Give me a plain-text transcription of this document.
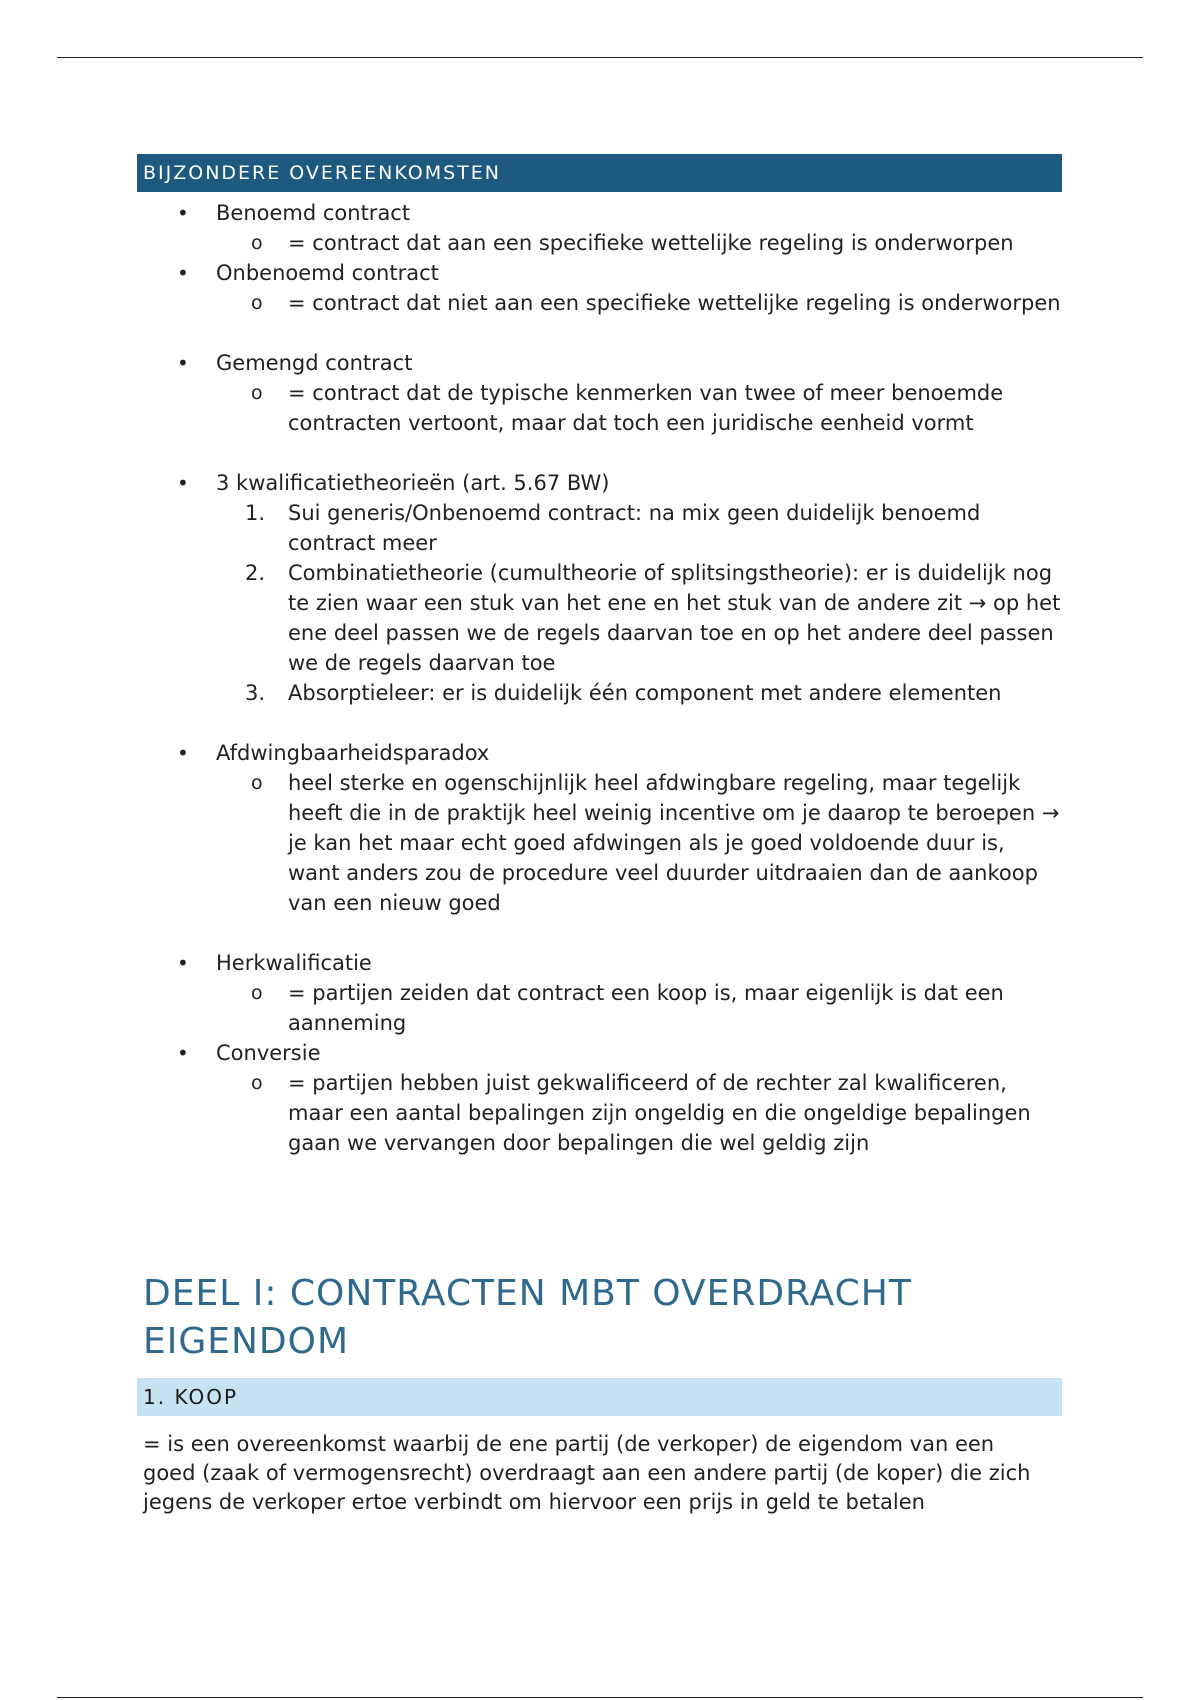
BIJZONDERE OVEREENKOMSTEN
• Benoemd contract
o = contract dat aan een specifieke wettelijke regeling is onderworpen
• Onbenoemd contract
o = contract dat niet aan een specifieke wettelijke regeling is onderworpen
• Gemengd contract
o = contract dat de typische kenmerken van twee of meer benoemde contracten vertoont, maar dat toch een juridische eenheid vormt
• 3 kwalificatietheorieën (art. 5.67 BW)
1. Sui generis/Onbenoemd contract: na mix geen duidelijk benoemd contract meer
2. Combinatietheorie (cumultheorie of splitsingstheorie): er is duidelijk nog te zien waar een stuk van het ene en het stuk van de andere zit → op het ene deel passen we de regels daarvan toe en op het andere deel passen we de regels daarvan toe
3. Absorptieleer: er is duidelijk één component met andere elementen
• Afdwingbaarheidsparadox
o heel sterke en ogenschijnlijk heel afdwingbare regeling, maar tegelijk heeft die in de praktijk heel weinig incentive om je daarop te beroepen → je kan het maar echt goed afdwingen als je goed voldoende duur is, want anders zou de procedure veel duurder uitdraaien dan de aankoop van een nieuw goed
• Herkwalificatie
o = partijen zeiden dat contract een koop is, maar eigenlijk is dat een aanneming
• Conversie
o = partijen hebben juist gekwalificeerd of de rechter zal kwalificeren, maar een aantal bepalingen zijn ongeldig en die ongeldige bepalingen gaan we vervangen door bepalingen die wel geldig zijn
DEEL I: CONTRACTEN MBT OVERDRACHT EIGENDOM
1. KOOP
= is een overeenkomst waarbij de ene partij (de verkoper) de eigendom van een goed (zaak of vermogensrecht) overdraagt aan een andere partij (de koper) die zich jegens de verkoper ertoe verbindt om hiervoor een prijs in geld te betalen
